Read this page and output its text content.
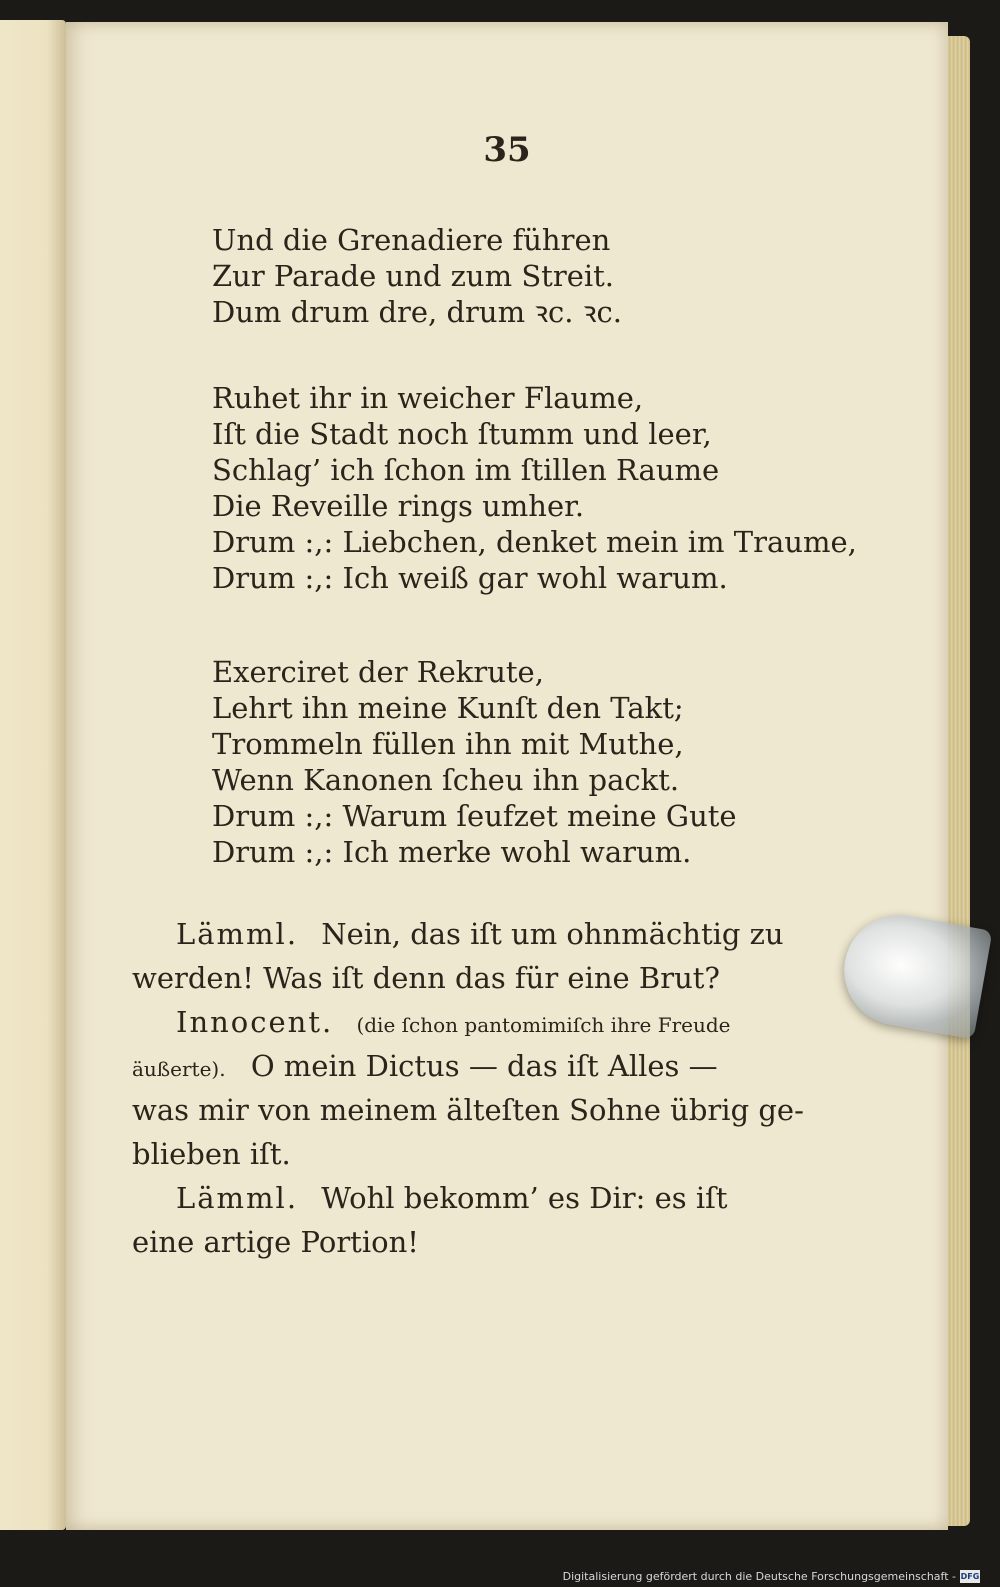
35
Und die Grenadiere führen
Zur Parade und zum Streit.
Dum drum dre, drum ꝛc. ꝛc.
Ruhet ihr in weicher Flaume,
Iſt die Stadt noch ſtumm und leer,
Schlag’ ich ſchon im ſtillen Raume
Die Reveille rings umher.
Drum :,: Liebchen, denket mein im Traume,
Drum :,: Ich weiß gar wohl warum.
Exerciret der Rekrute,
Lehrt ihn meine Kunſt den Takt;
Trommeln füllen ihn mit Muthe,
Wenn Kanonen ſcheu ihn packt.
Drum :,: Warum ſeufzet meine Gute
Drum :,: Ich merke wohl warum.
Lämml. Nein, das iſt um ohnmächtig zu
werden! Was iſt denn das für eine Brut?
Innocent. (die ſchon pantomimiſch ihre Freude
äußerte). O mein Dictus — das iſt Alles —
was mir von meinem älteſten Sohne übrig ge-
blieben iſt.
Lämml. Wohl bekomm’ es Dir: es iſt
eine artige Portion!
Digitalisierung gefördert durch die Deutsche Forschungsgemeinschaft - DFG
